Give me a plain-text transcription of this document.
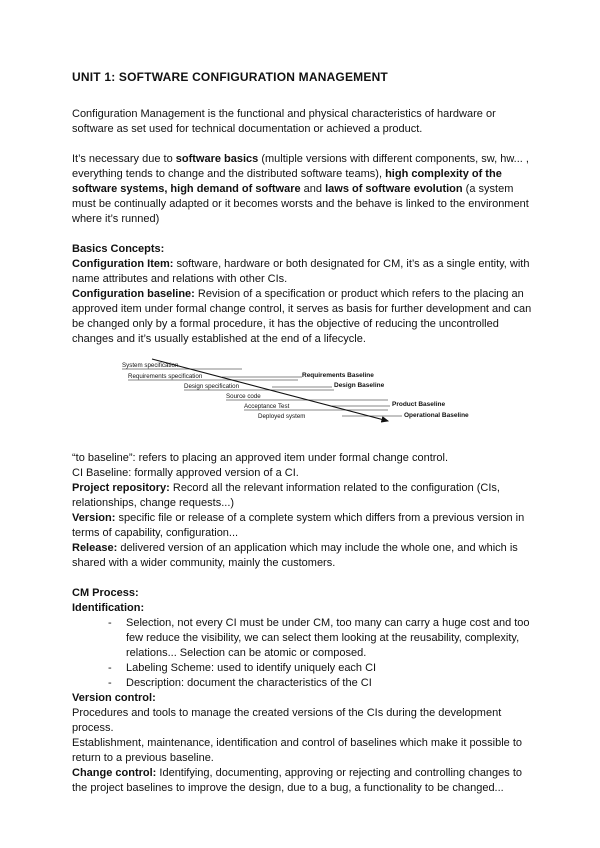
UNIT 1: SOFTWARE CONFIGURATION MANAGEMENT

Configuration Management is the functional and physical characteristics of hardware or software as set used for technical documentation or achieved a product.

It’s necessary due to software basics (multiple versions with different components, sw, hw... , everything tends to change and the distributed software teams), high complexity of the software systems, high demand of software and laws of software evolution (a system must be continually adapted or it becomes worsts and the behave is linked to the environment where it’s runned)

Basics Concepts:

Configuration Item: software, hardware or both designated for CM, it’s as a single entity, with name attributes and relations with other CIs.

Configuration baseline: Revision of a specification or product which refers to the placing an approved item under formal change control, it serves as basis for further development and can be changed only by a formal procedure, it has the objective of reducing the uncontrolled changes and it’s usually established at the end of a lifecycle.

System specification
Requirements specification
Design specification
Source code
Acceptance Test
Deployed system
Requirements Baseline
Design Baseline
Product Baseline
Operational Baseline

“to baseline”: refers to placing an approved item under formal change control.

CI Baseline: formally approved version of a CI.

Project repository: Record all the relevant information related to the configuration (CIs, relationships, change requests...)

Version: specific file or release of a complete system which differs from a previous version in terms of capability, configuration...

Release: delivered version of an application which may include the whole one, and which is shared with a wider community, mainly the customers.

CM Process:

Identification:

- Selection, not every CI must be under CM, too many can carry a huge cost and too few reduce the visibility, we can select them looking at the reusability, complexity, relations... Selection can be atomic or composed.
- Labeling Scheme: used to identify uniquely each CI
- Description: document the characteristics of the CI

Version control:

Procedures and tools to manage the created versions of the CIs during the development process.

Establishment, maintenance, identification and control of baselines which make it possible to return to a previous baseline.

Change control: Identifying, documenting, approving or rejecting and controlling changes to the project baselines to improve the design, due to a bug, a functionality to be changed...
